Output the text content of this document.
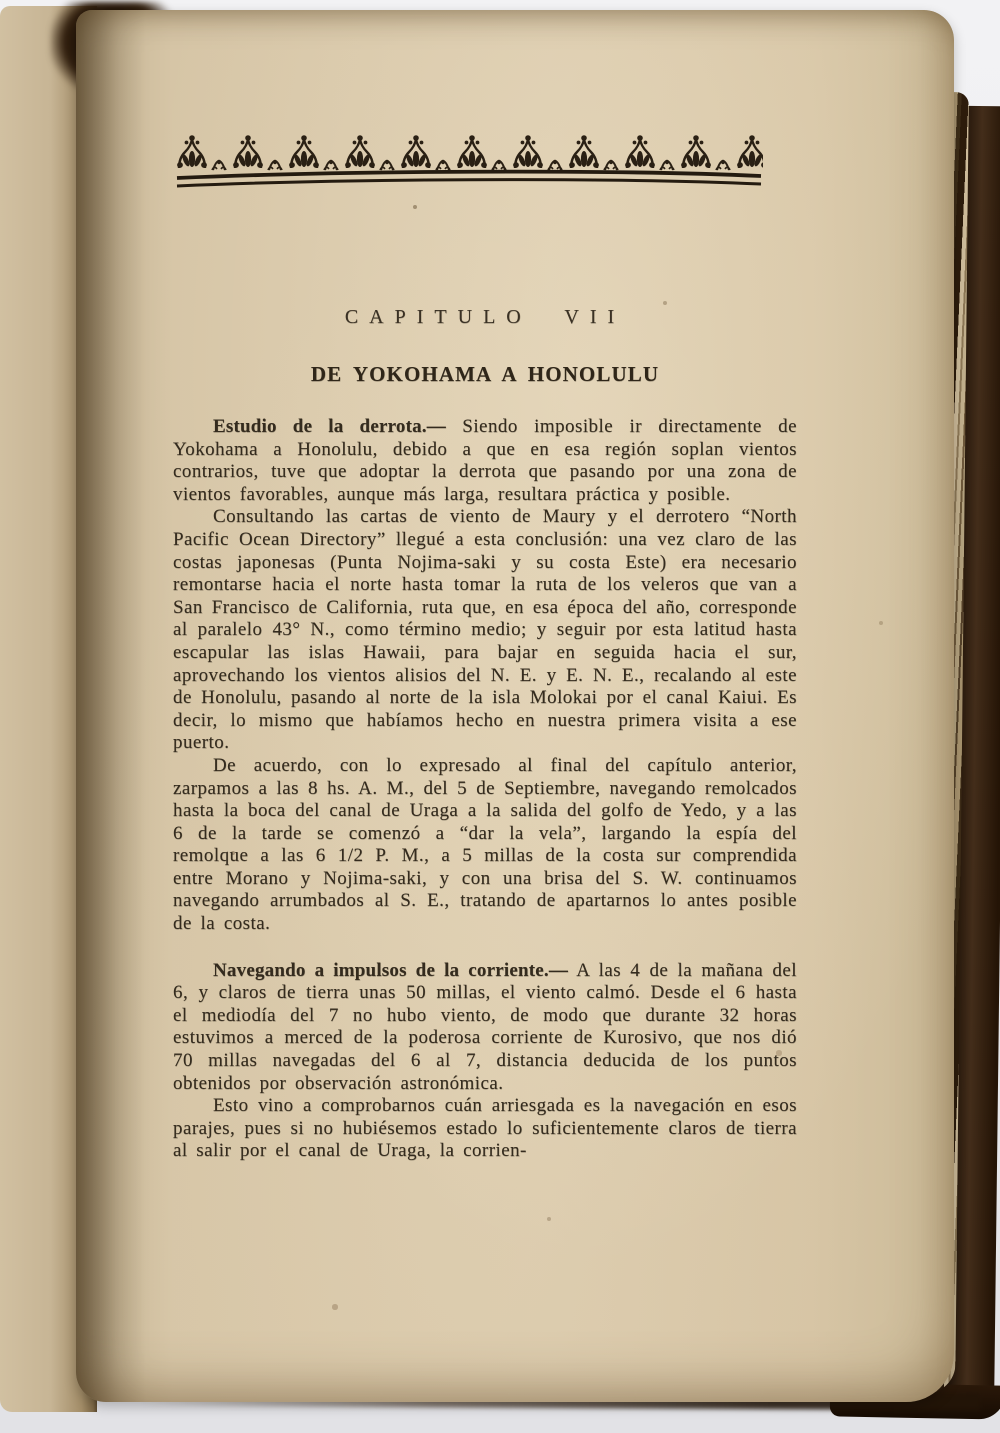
CAPITULO VII
DE YOKOHAMA A HONOLULU

Estudio de la derrota.— Siendo imposible ir directamente de Yokohama a Honolulu, debido a que en esa región soplan vientos contrarios, tuve que adoptar la derrota que pasando por una zona de vientos favorables, aunque más larga, resultara práctica y posible.

Consultando las cartas de viento de Maury y el derrotero “North Pacific Ocean Directory” llegué a esta conclusión: una vez claro de las costas japonesas (Punta Nojima-saki y su costa Este) era necesario remontarse hacia el norte hasta tomar la ruta de los veleros que van a San Francisco de California, ruta que, en esa época del año, corresponde al paralelo 43° N., como término medio; y seguir por esta latitud hasta escapular las islas Hawaii, para bajar en seguida hacia el sur, aprovechando los vientos alisios del N. E. y E. N. E., recalando al este de Honolulu, pasando al norte de la isla Molokai por el canal Kaiui. Es decir, lo mismo que habíamos hecho en nuestra primera visita a ese puerto.

De acuerdo, con lo expresado al final del capítulo anterior, zarpamos a las 8 hs. A. M., del 5 de Septiembre, navegando remolcados hasta la boca del canal de Uraga a la salida del golfo de Yedo, y a las 6 de la tarde se comenzó a “dar la vela”, largando la espía del remolque a las 6 1/2 P. M., a 5 millas de la costa sur comprendida entre Morano y Nojima-saki, y con una brisa del S. W. continuamos navegando arrumbados al S. E., tratando de apartarnos lo antes posible de la costa.

Navegando a impulsos de la corriente.— A las 4 de la mañana del 6, y claros de tierra unas 50 millas, el viento calmó. Desde el 6 hasta el mediodía del 7 no hubo viento, de modo que durante 32 horas estuvimos a merced de la poderosa corriente de Kurosivo, que nos dió 70 millas navegadas del 6 al 7, distancia deducida de los puntos obtenidos por observación astronómica.

Esto vino a comprobarnos cuán arriesgada es la navegación en esos parajes, pues si no hubiésemos estado lo suficientemente claros de tierra al salir por el canal de Uraga, la corrien-
